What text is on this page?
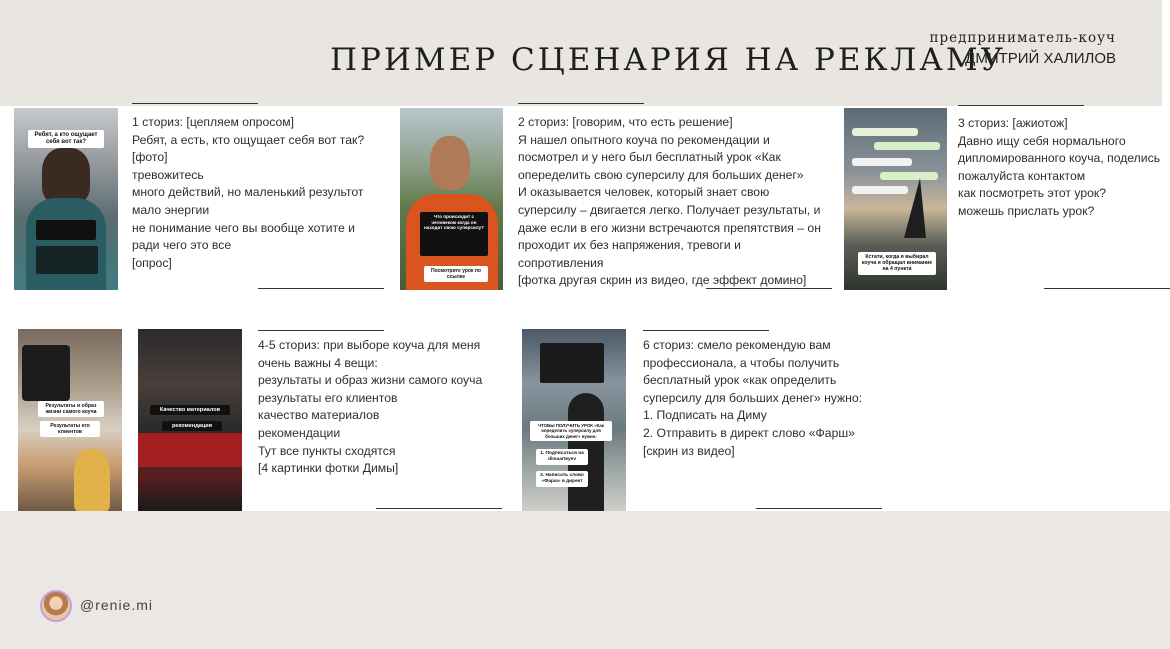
ПРИМЕР СЦЕНАРИЯ НА РЕКЛАМУ
предприниматель-коуч
ДМИТРИЙ ХАЛИЛОВ
Ребят, а кто ощущает себя вот так?
1 сториз: [цепляем опросом]
Ребят, а есть, кто ощущает себя вот так?
[фото]
тревожитесь
много действий, но маленький результот
мало энергии
не понимание чего вы вообще хотите и
ради чего это все
[опрос]
Что происходит с человеком когда он находит свою суперсилу?
Посмотрите урок по ссылке
2 сториз: [говорим, что есть решение]
Я нашел опытного коуча по рекомендации и
посмотрел и у него был бесплатный урок «Как
опеределить свою суперсилу для больших денег»
И оказывается человек, который знает свою
суперсилу – двигается легко. Получает результаты, и
даже если в его жизни встречаются препятствия – он
проходит их без напряжения, тревоги и
сопротивления
[фотка другая скрин из видео, где эффект домино]
Кстати, когда я выбирал коуча я обращал внимание на 4 пункта
3 сториз: [ажиотож]
Давно ищу себя нормального
дипломированного коуча, поделись
пожалуйста контактом
как посмотреть этот урок?
можешь прислать урок?
Результаты и образ жизни самого коуча
Результаты его клиентов
Качество материалов
рекомендация
4-5 сториз: при выборе коуча для меня
очень важны 4 вещи:
результаты и образ жизни самого коуча
результаты его клиентов
качество материалов
рекомендации
Тут все пункты сходятся
[4 картинки фотки Димы]
ЧТОБЫ ПОЛУЧИТЬ УРОК «Как определить суперсилу для больших денег» нужно:
1. Подписаться на dimaarteyev
2. Написать слово «Фарш» в директ
6 сториз: смело рекомендую вам
профессионала, а чтобы получить
бесплатный урок «как определить
суперсилу для больших денег» нужно:
1. Подписать на Диму
2. Отправить в директ слово «Фарш»
[скрин из видео]
@renie.mi
